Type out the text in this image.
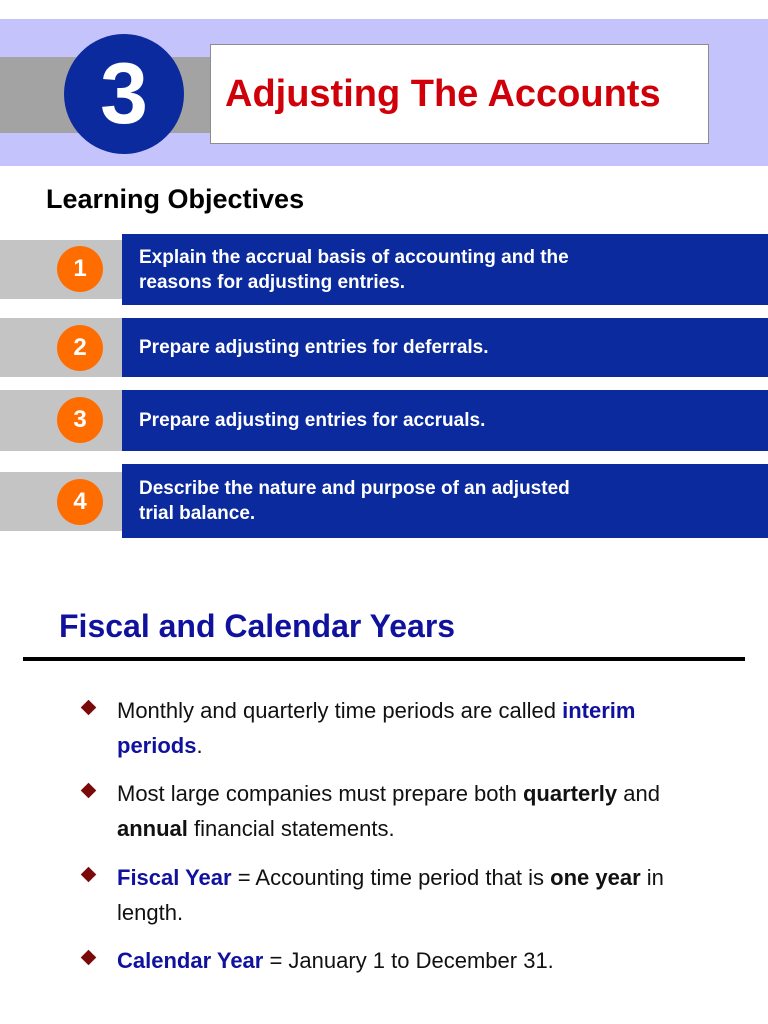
3 Adjusting The Accounts
Learning Objectives
1	Explain the accrual basis of accounting and the
reasons for adjusting entries.
2	Prepare adjusting entries for deferrals.
3	Prepare adjusting entries for accruals.
4	Describe the nature and purpose of an adjusted
trial balance.
Fiscal and Calendar Years
Monthly and quarterly time periods are called interim periods.
Most large companies must prepare both quarterly and annual financial statements.
Fiscal Year = Accounting time period that is one year in length.
Calendar Year = January 1 to December 31.
